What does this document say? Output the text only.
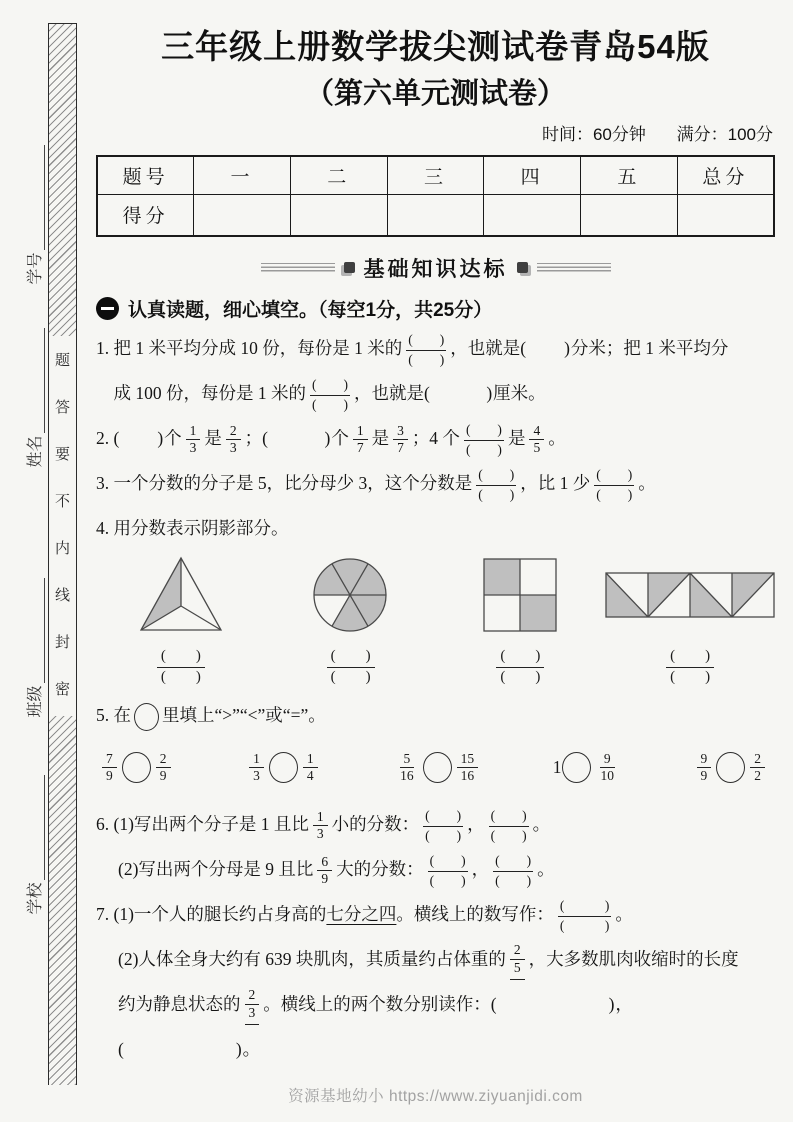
学号
姓名
班级
学校
题答要不内线封密
三年级上册数学拔尖测试卷青岛54版
（第六单元测试卷）
时间：60分钟 满分：100分
题号	一	二	三	四	五	总分
得分						
基础知识达标
认真读题，细心填空。（每空1分，共25分）
1. 把 1 米平均分成 10 份，每份是 1 米的 (　　)
(　　)
，也就是(　　)分米；把 1 米平均分
　成 100 份，每份是 1 米的 (　　)
(　　)
，也就是(　　　)厘米。
2. (　　)个 $\frac{1}{3}$ 是 $\frac{2}{3}$ ；(　　　)个 $\frac{1}{7}$ 是 $\frac{3}{7}$ ；4 个 (　　)
(　　)
是 $\frac{4}{5}$ 。
3. 一个分数的分子是 5，比分母少 3，这个分数是 (　　)
(　　)
，比 1 少 (　　)
(　　)
。
4. 用分数表示阴影部分。
(　　)
(　　)
(　　)
(　　)
(　　)
(　　)
(　　)
(　　)
5. 在 里填上“>”“<”或“=”。
$\frac{7}{9}$	$\frac{2}{9}$	$\frac{1}{3}$	$\frac{1}{4}$	$\frac{5}{16}$	$\frac{15}{16}$	1	$\frac{9}{10}$	$\frac{9}{9}$	$\frac{2}{2}$
6. (1)写出两个分子是 1 且比 $\frac{1}{3}$ 小的分数： (　　)
(　　)
， (　　)
(　　)
。
(2)写出两个分母是 9 且比 $\frac{6}{9}$ 大的分数： (　　)
(　　)
， (　　)
(　　)
。
7. (1)一个人的腿长约占身高的七分之四。横线上的数写作： (　　　)
(　　　)
。
(2)人体全身大约有 639 块肌肉，其质量约占体重的 $\frac{2}{5}$ ，大多数肌肉收缩时的长度
约为静息状态的 $\frac{2}{3}$ 。横线上的两个数分别读作：(　　　　　　)，(　　　　　　)。
资源基地幼小 https://www.ziyuanjidi.com
